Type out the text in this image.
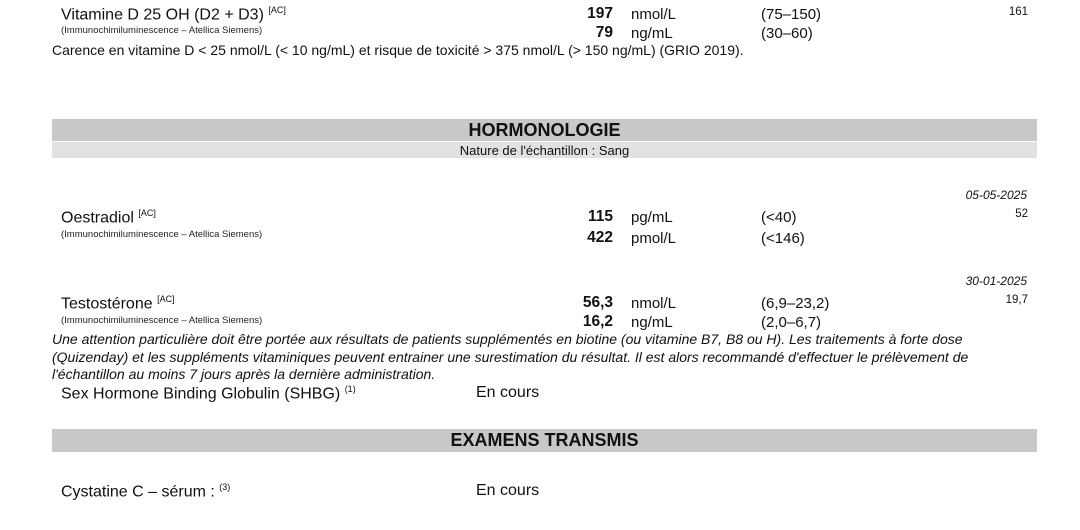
Vitamine D 25 OH (D2 + D3) [AC]
(Immunochimiluminescence – Atellica Siemens)
197 nmol/L	(75–150)	161
79 ng/mL	(30–60)
Carence en vitamine D < 25 nmol/L (< 10 ng/mL) et risque de toxicité > 375 nmol/L (> 150 ng/mL) (GRIO 2019).
HORMONOLOGIE
Nature de l'échantillon : Sang
05-05-2025
Oestradiol [AC]
(Immunochimiluminescence – Atellica Siemens)
115 pg/mL	(<40)	52
422 pmol/L	(<146)
30-01-2025
Testostérone [AC]
(Immunochimiluminescence – Atellica Siemens)
56,3 nmol/L	(6,9–23,2)	19,7
16,2 ng/mL	(2,0–6,7)
Une attention particulière doit être portée aux résultats de patients supplémentés en biotine (ou vitamine B7, B8 ou H). Les traitements à forte dose (Quizenday) et les suppléments vitaminiques peuvent entrainer une surestimation du résultat. Il est alors recommandé d'effectuer le prélèvement de l'échantillon au moins 7 jours après la dernière administration.
Sex Hormone Binding Globulin (SHBG) $^{(1)}$	En cours
EXAMENS TRANSMIS
Cystatine C – sérum : $^{(3)}$	En cours
